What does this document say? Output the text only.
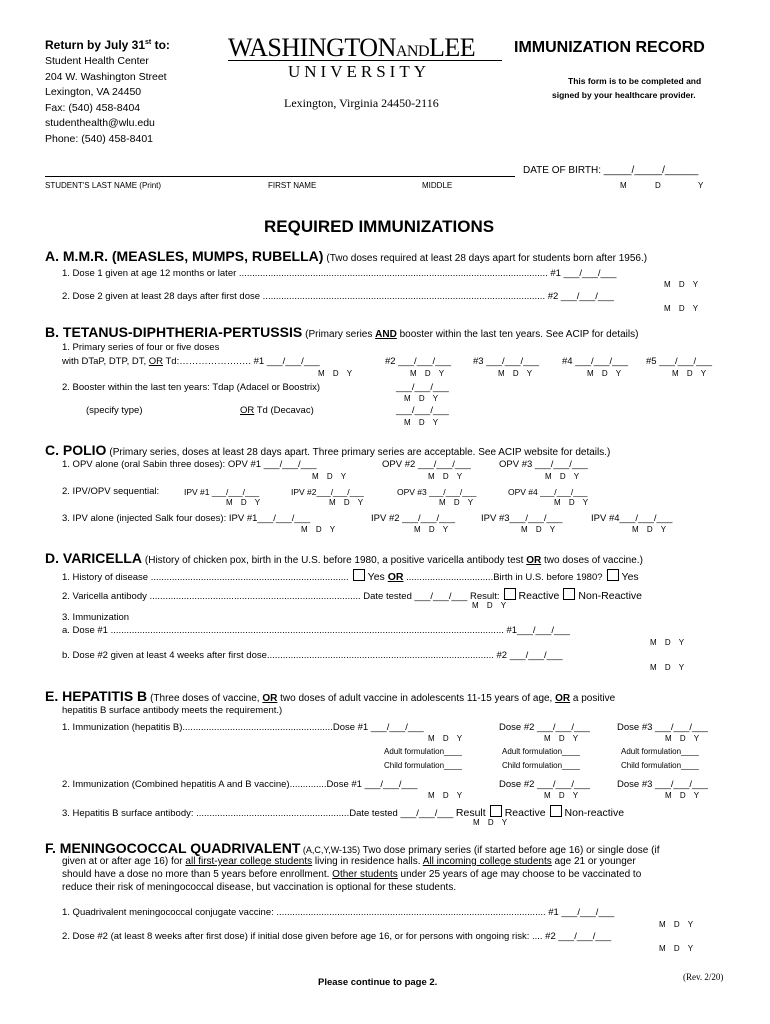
Return by July 31st to:
Student Health Center
204 W. Washington Street
Lexington, VA 24450
Fax: (540) 458-8404
studenthealth@wlu.edu
Phone: (540) 458-8401
WASHINGTONANDLEE
UNIVERSITY
Lexington, Virginia 24450-2116
IMMUNIZATION RECORD
This form is to be completed and
signed by your healthcare provider.
DATE OF BIRTH: _____/_____/______
STUDENT'S LAST NAME (Print)	FIRST NAME	MIDDLE	M	D	Y
REQUIRED IMMUNIZATIONS
A. M.M.R. (MEASLES, MUMPS, RUBELLA) (Two doses required at least 28 days apart for students born after 1956.)
1. Dose 1 given at age 12 months or later ..................................................................................................................... #1 ___/___/___
M D Y
2. Dose 2 given at least 28 days after first dose ........................................................................................................... #2 ___/___/___
M D Y
B. TETANUS-DIPHTHERIA-PERTUSSIS (Primary series AND booster within the last ten years. See ACIP for details)
1. Primary series of four or five doses
with DTaP, DTP, DT, OR Td:……………….…. #1 ___/___/___	#2 ___/___/___ #3 ___/___/___ #4 ___/___/___ #5 ___/___/___
M D Y	M D Y	M D Y	M D Y	M D Y
2. Booster within the last ten years: Tdap (Adacel or Boostrix)	___/___/___
M D Y
(specify type)	OR Td (Decavac)	___/___/___
M D Y
C. POLIO (Primary series, doses at least 28 days apart. Three primary series are acceptable. See ACIP website for details.)
1. OPV alone (oral Sabin three doses): OPV #1 ___/___/___	OPV #2 ___/___/___	OPV #3 ___/___/___
M D Y	M D Y	M D Y
2. IPV/OPV sequential:	IPV #1 ___/___/___	IPV #2___/___/___	OPV #3 ___/___/___	OPV #4 ___/___/___
M D Y	M D Y	M D Y	M D Y
3. IPV alone (injected Salk four doses): IPV #1___/___/___	IPV #2 ___/___/___	IPV #3___/___/___	IPV #4___/___/___
M D Y	M D Y	M D Y	M D Y
D. VARICELLA (History of chicken pox, birth in the U.S. before 1980, a positive varicella antibody test OR two doses of vaccine.)
1. History of disease ........................................................................... Yes OR .................................Birth in U.S. before 1980? Yes
2. Varicella antibody ................................................................................ Date tested ___/___/___ Result: Reactive Non-Reactive
M D Y
3. Immunization
a. Dose #1 ..................................................................................................................................................... #1___/___/___
M D Y
b. Dose #2 given at least 4 weeks after first dose...................................................................................... #2 ___/___/___
M D Y
E. HEPATITIS B (Three doses of vaccine, OR two doses of adult vaccine in adolescents 11-15 years of age, OR a positive
hepatitis B surface antibody meets the requirement.)
1. Immunization (hepatitis B).........................................................Dose #1 ___/___/___	Dose #2 ___/___/___	Dose #3 ___/___/___
M D Y	M D Y	M D Y
Adult formulation____	Adult formulation____	Adult formulation____
Child formulation____	Child formulation____	Child formulation____
2. Immunization (Combined hepatitis A and B vaccine)..............Dose #1 ___/___/___	Dose #2 ___/___/___	Dose #3 ___/___/___
M D Y	M D Y	M D Y
3. Hepatitis B surface antibody: ..........................................................Date tested ___/___/___ Result Reactive Non-reactive
M D Y
F. MENINGOCOCCAL QUADRIVALENT (A,C,Y,W-135) Two dose primary series (if started before age 16) or single dose (if
given at or after age 16) for all first-year college students living in residence halls. All incoming college students age 21 or younger
should have a dose no more than 5 years before enrollment. Other students under 25 years of age may choose to be vaccinated to
reduce their risk of meningococcal disease, but vaccination is optional for these students.
1. Quadrivalent meningococcal conjugate vaccine: ...................................................................................................... #1 ___/___/___
M D Y
2. Dose #2 (at least 8 weeks after first dose) if initial dose given before age 16, or for persons with ongoing risk: .... #2 ___/___/___
M D Y
Please continue to page 2.	(Rev. 2/20)
